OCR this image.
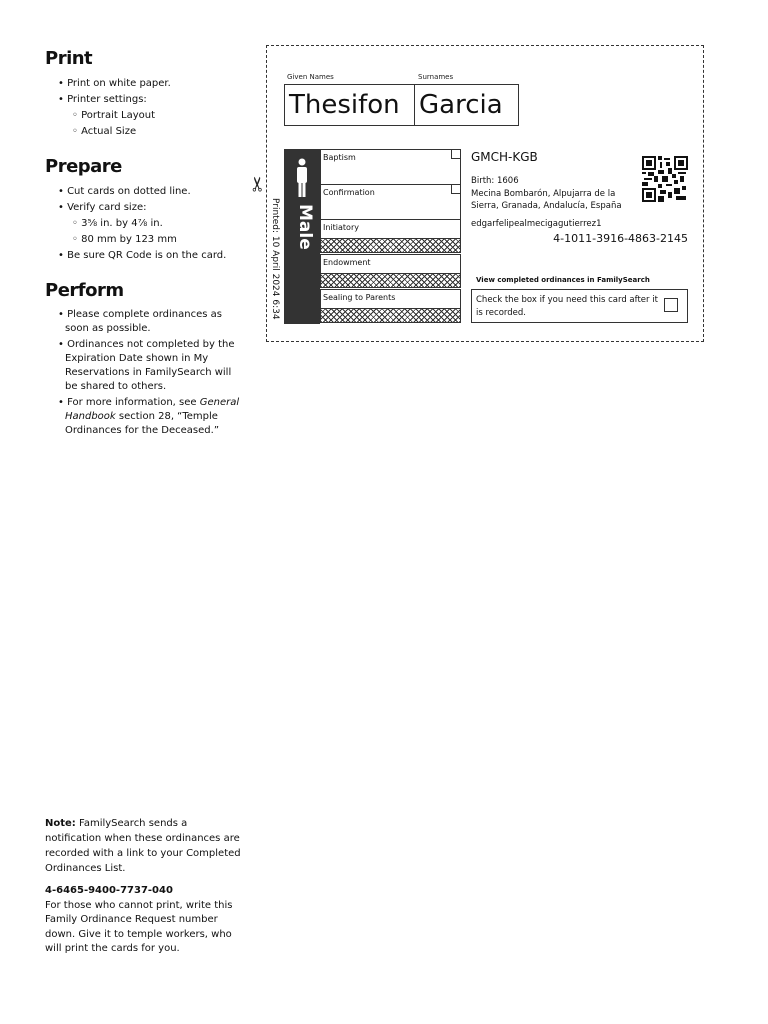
Print
• Print on white paper.
• Printer settings:
◦ Portrait Layout
◦ Actual Size
Prepare
• Cut cards on dotted line.
• Verify card size:
◦ 3⅝ in. by 4⅞ in.
◦ 80 mm by 123 mm
• Be sure QR Code is on the card.
Perform
• Please complete ordinances as soon as possible.
• Ordinances not completed by the Expiration Date shown in My Reservations in FamilySearch will be shared to others.
• For more information, see General Handbook section 28, “Temple Ordinances for the Deceased.”
Note: FamilySearch sends a notification when these ordinances are recorded with a link to your Completed Ordinances List.
4-6465-9400-7737-040
For those who cannot print, write this Family Ordinance Request number down. Give it to temple workers, who will print the cards for you.
✂
Given Names	Surnames
Thesifon Garcia
Printed: 10 April 2024 6:34 Male
Baptism
Confirmation
Initiatory
Endowment
Sealing to Parents
GMCH-KGB
Birth: 1606
Mecina Bombarón, Alpujarra de la Sierra, Granada, Andalucía, España
edgarfelipealmecigagutierrez1
4-1011-3916-4863-2145
View completed ordinances in FamilySearch
Check the box if you need this card after it is recorded.
